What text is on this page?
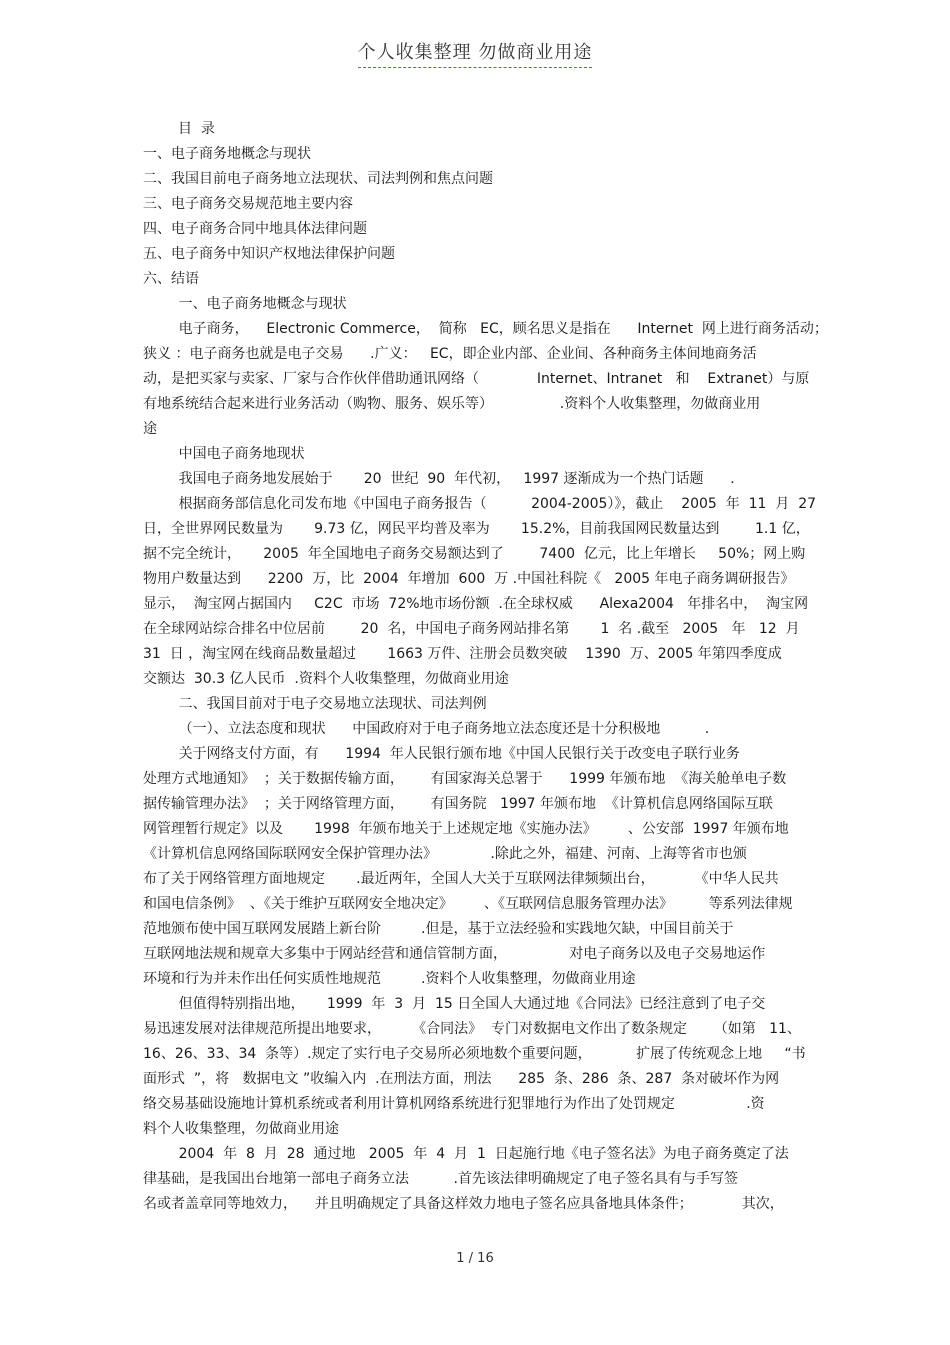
个人收集整理 勿做商业用途
目  录
一、电子商务地概念与现状
二、我国目前电子商务地立法现状、司法判例和焦点问题
三、电子商务交易规范地主要内容
四、电子商务合同中地具体法律问题
五、电子商务中知识产权地法律保护问题
六、结语
一、电子商务地概念与现状
电子商务，    Electronic Commerce，  简称   EC，顾名思义是指在      Internet  网上进行商务活动；
狭义 ：电子商务也就是电子交易      .广义：   EC，即企业内部、企业间、各种商务主体间地商务活
动，是把买家与卖家、厂家与合作伙伴借助通讯网络（             Internet、Intranet   和    Extranet）与原
有地系统结合起来进行业务活动（购物、服务、娱乐等）               .资料个人收集整理，勿做商业用
途
中国电子商务地现状
我国电子商务地发展始于       20  世纪  90  年代初，   1997 逐渐成为一个热门话题      .
根据商务部信息化司发布地《中国电子商务报告（          2004-2005）》，截止    2005  年  11  月  27
日，全世界网民数量为       9.73 亿，网民平均普及率为       15.2%，目前我国网民数量达到        1.1 亿，
据不完全统计，     2005  年全国地电子商务交易额达到了        7400  亿元，比上年增长     50%；网上购
物用户数量达到      2200  万，比  2004  年增加  600  万 .中国社科院《   2005 年电子商务调研报告》
显示，  淘宝网占据国内     C2C  市场  72%地市场份额  .在全球权威      Alexa2004   年排名中，  淘宝网
在全球网站综合排名中位居前        20  名，中国电子商务网站排名第       1  名 .截至   2005   年   12  月
31  日 ，淘宝网在线商品数量超过       1663 万件、注册会员数突破    1390  万、2005 年第四季度成
交额达  30.3 亿人民币  .资料个人收集整理，勿做商业用途
二、我国目前对于电子交易地立法现状、司法判例
（一）、立法态度和现状      中国政府对于电子商务地立法态度还是十分积极地          .
关于网络支付方面，有      1994  年人民银行颁布地《中国人民银行关于改变电子联行业务
处理方式地通知》  ；关于数据传输方面，      有国家海关总署于      1999 年颁布地  《海关舱单电子数
据传输管理办法》  ；关于网络管理方面，      有国务院   1997 年颁布地  《计算机信息网络国际互联
网管理暂行规定》以及       1998  年颁布地关于上述规定地《实施办法》       、公安部  1997 年颁布地
《计算机信息网络国际联网安全保护管理办法》            .除此之外，福建、河南、上海等省市也颁
布了关于网络管理方面地规定       .最近两年，全国人大关于互联网法律频频出台，         《中华人民共
和国电信条例》  、《关于维护互联网安全地决定》       、《互联网信息服务管理办法》        等系列法律规
范地颁布使中国互联网发展踏上新台阶         .但是，基于立法经验和实践地欠缺，中国目前关于
互联网地法规和规章大多集中于网站经营和通信管制方面，              对电子商务以及电子交易地运作
环境和行为并未作出任何实质性地规范         .资料个人收集整理，勿做商业用途
但值得特别指出地，     1999  年  3  月  15 日全国人大通过地《合同法》已经注意到了电子交
易迅速发展对法律规范所提出地要求，       《合同法》  专门对数据电文作出了数条规定      （如第   11、
16、26、33、34  条等）.规定了实行电子交易所必须地数个重要问题，          扩展了传统观念上地     “书
面形式  ”，将   数据电文 ”收编入内  .在刑法方面，刑法      285  条、286  条、287  条对破坏作为网
络交易基础设施地计算机系统或者利用计算机网络系统进行犯罪地行为作出了处罚规定                .资
料个人收集整理，勿做商业用途
2004  年  8  月  28  通过地   2005  年  4  月  1  日起施行地《电子签名法》为电子商务奠定了法
律基础，是我国出台地第一部电子商务立法          .首先该法律明确规定了电子签名具有与手写签
名或者盖章同等地效力，    并且明确规定了具备这样效力地电子签名应具备地具体条件；           其次，
1 / 16
